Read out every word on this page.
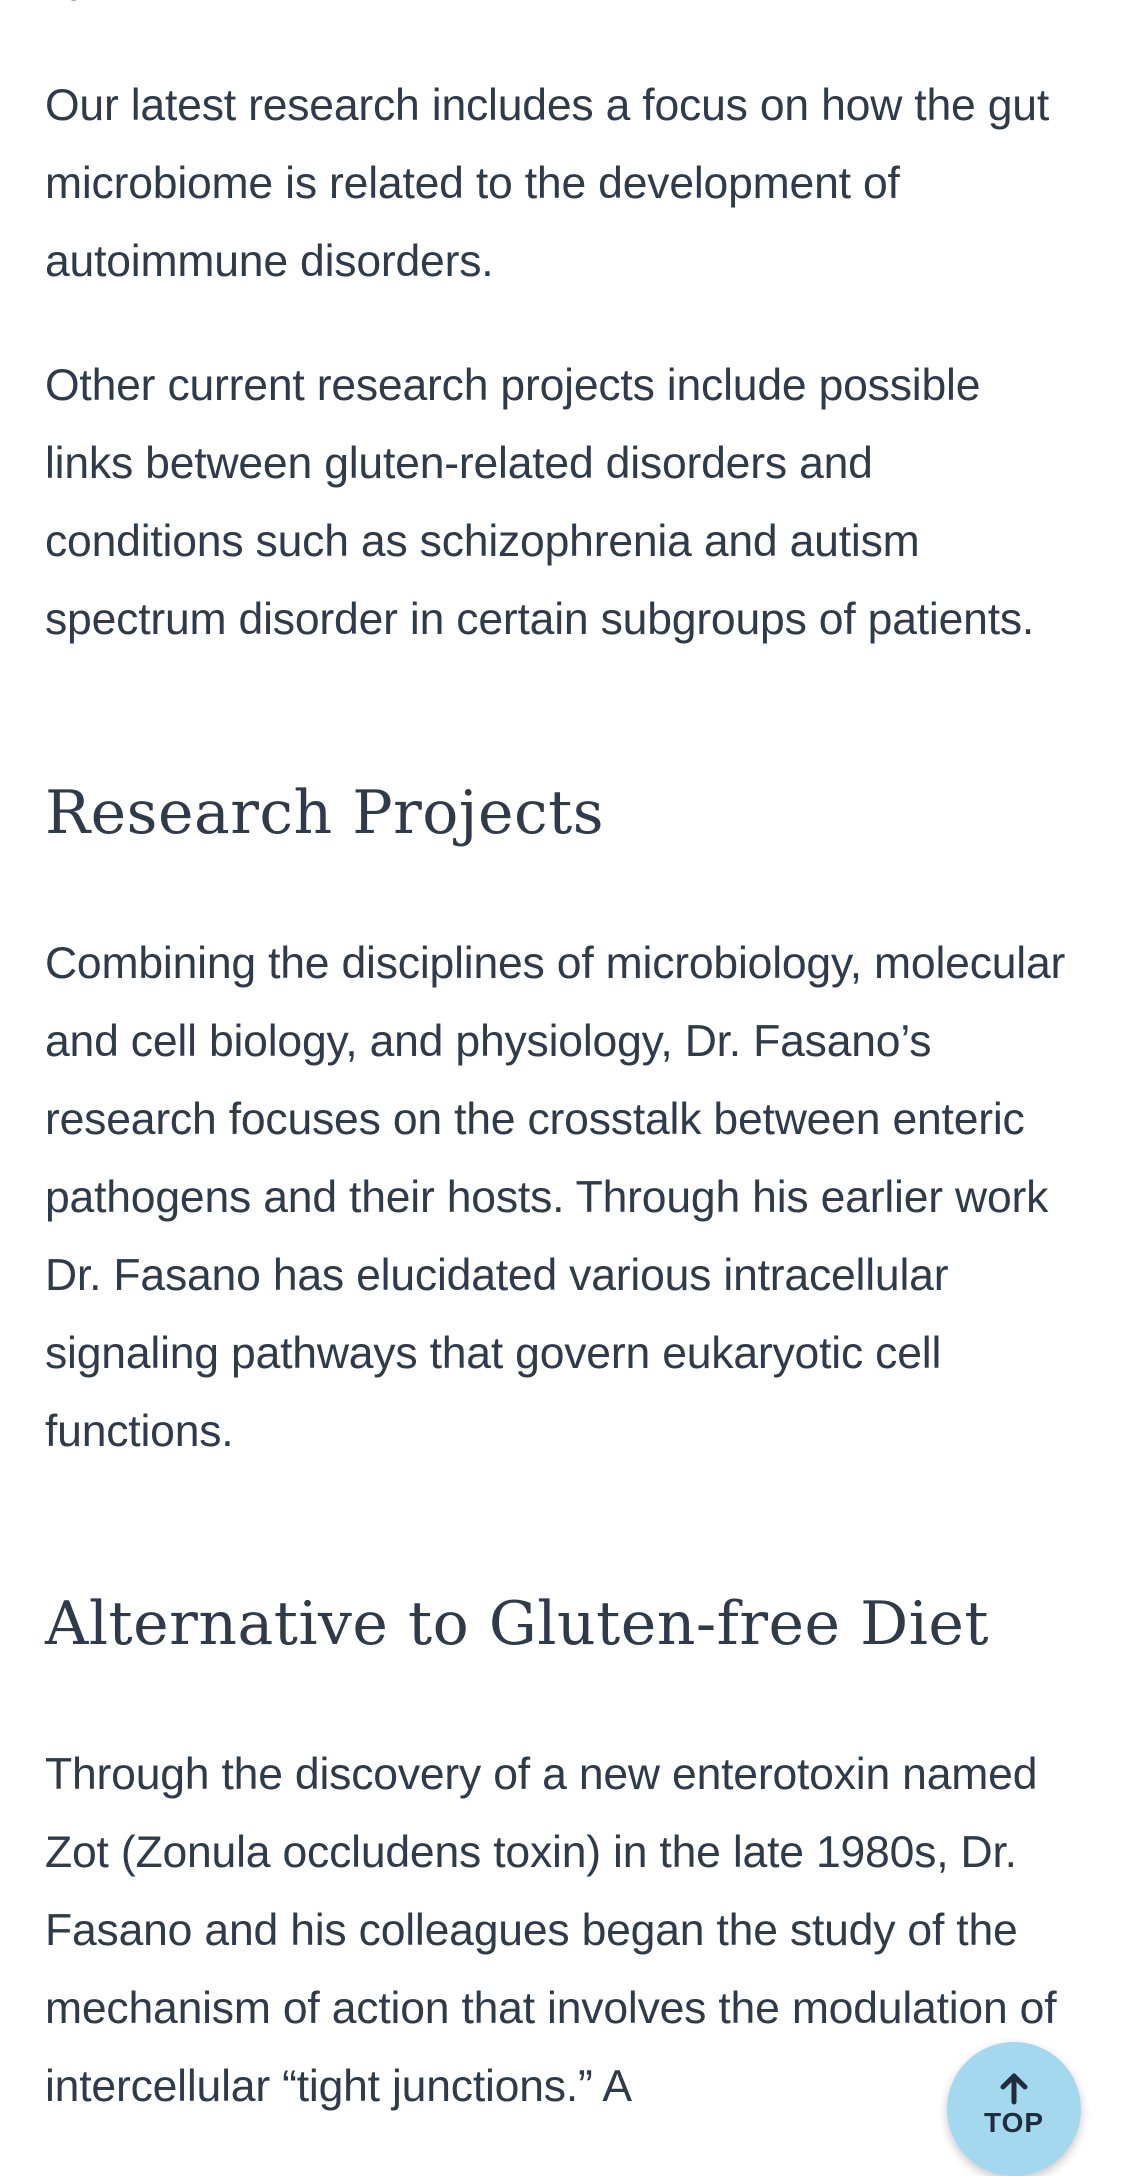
Our latest research includes a focus on how the gut microbiome is related to the development of autoimmune disorders.

Other current research projects include possible links between gluten-related disorders and conditions such as schizophrenia and autism spectrum disorder in certain subgroups of patients.

Research Projects

Combining the disciplines of microbiology, molecular and cell biology, and physiology, Dr. Fasano’s research focuses on the crosstalk between enteric pathogens and their hosts. Through his earlier work Dr. Fasano has elucidated various intracellular signaling pathways that govern eukaryotic cell functions.

Alternative to Gluten-free Diet

Through the discovery of a new enterotoxin named Zot (Zonula occludens toxin) in the late 1980s, Dr. Fasano and his colleagues began the study of the mechanism of action that involves the modulation of intercellular “tight junctions.” A

TOP
